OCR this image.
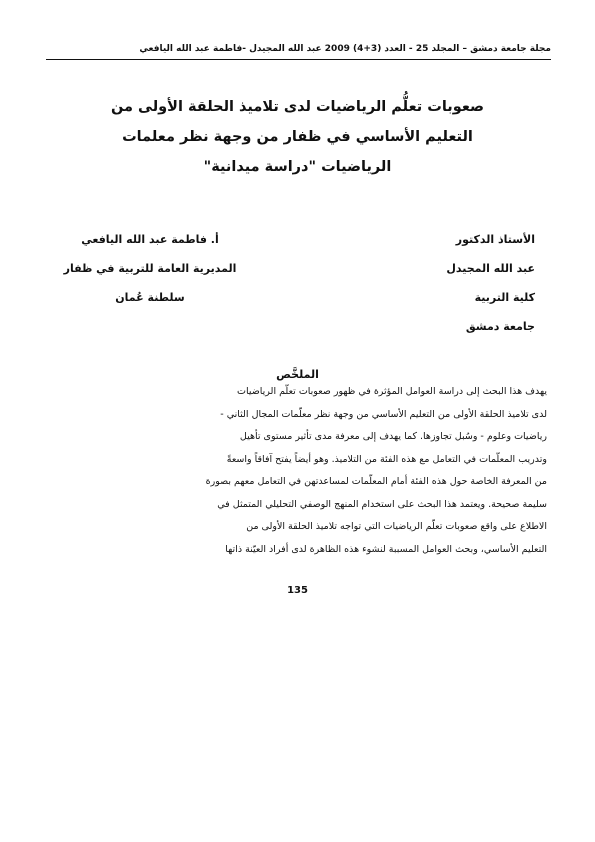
مجلة جامعة دمشق – المجلد 25 - العدد (3+4) 2009 عبد الله المجيدل -فاطمة عبد الله اليافعي
صعوبات تعلُّم الرياضيات لدى تلاميذ الحلقة الأولى من
التعليم الأساسي في ظفار من وجهة نظر معلمات
الرياضيات "دراسة ميدانية"
الأستاذ الدكتور
عبد الله المجيدل
كلية التربية
جامعة دمشق
أ. فاطمة عبد الله اليافعي
المديرية العامة للتربية في ظفار
سلطنة عُمان
الملخَّص
يهدف هذا البحث إلى دراسة العوامل المؤثرة في ظهور صعوبات تعلُّم الرياضيات
لدى تلاميذ الحلقة الأولى من التعليم الأساسي من وجهة نظر معلّمات المجال الثاني -
رياضيات وعلوم - وسُبل تجاوزها. كما يهدف إلى معرفة مدى تأثير مستوى تأهيل
وتدريب المعلّمات في التعامل مع هذه الفئة من التلاميذ. وهو أيضاً يفتح آفاقاً واسعةً
من المعرفة الخاصة حول هذه الفئة أمام المعلّمات لمساعدتهن في التعامل معهم بصورة
سليمة صحيحة. ويعتمد هذا البحث على استخدام المنهج الوصفي التحليلي المتمثل في
الاطلاع على واقع صعوبات تعلّم الرياضيات التي تواجه تلاميذ الحلقة الأولى من
التعليم الأساسي، وبحث العوامل المسببة لنشوء هذه الظاهرة لدى أفراد العيّنة ذاتها
135
